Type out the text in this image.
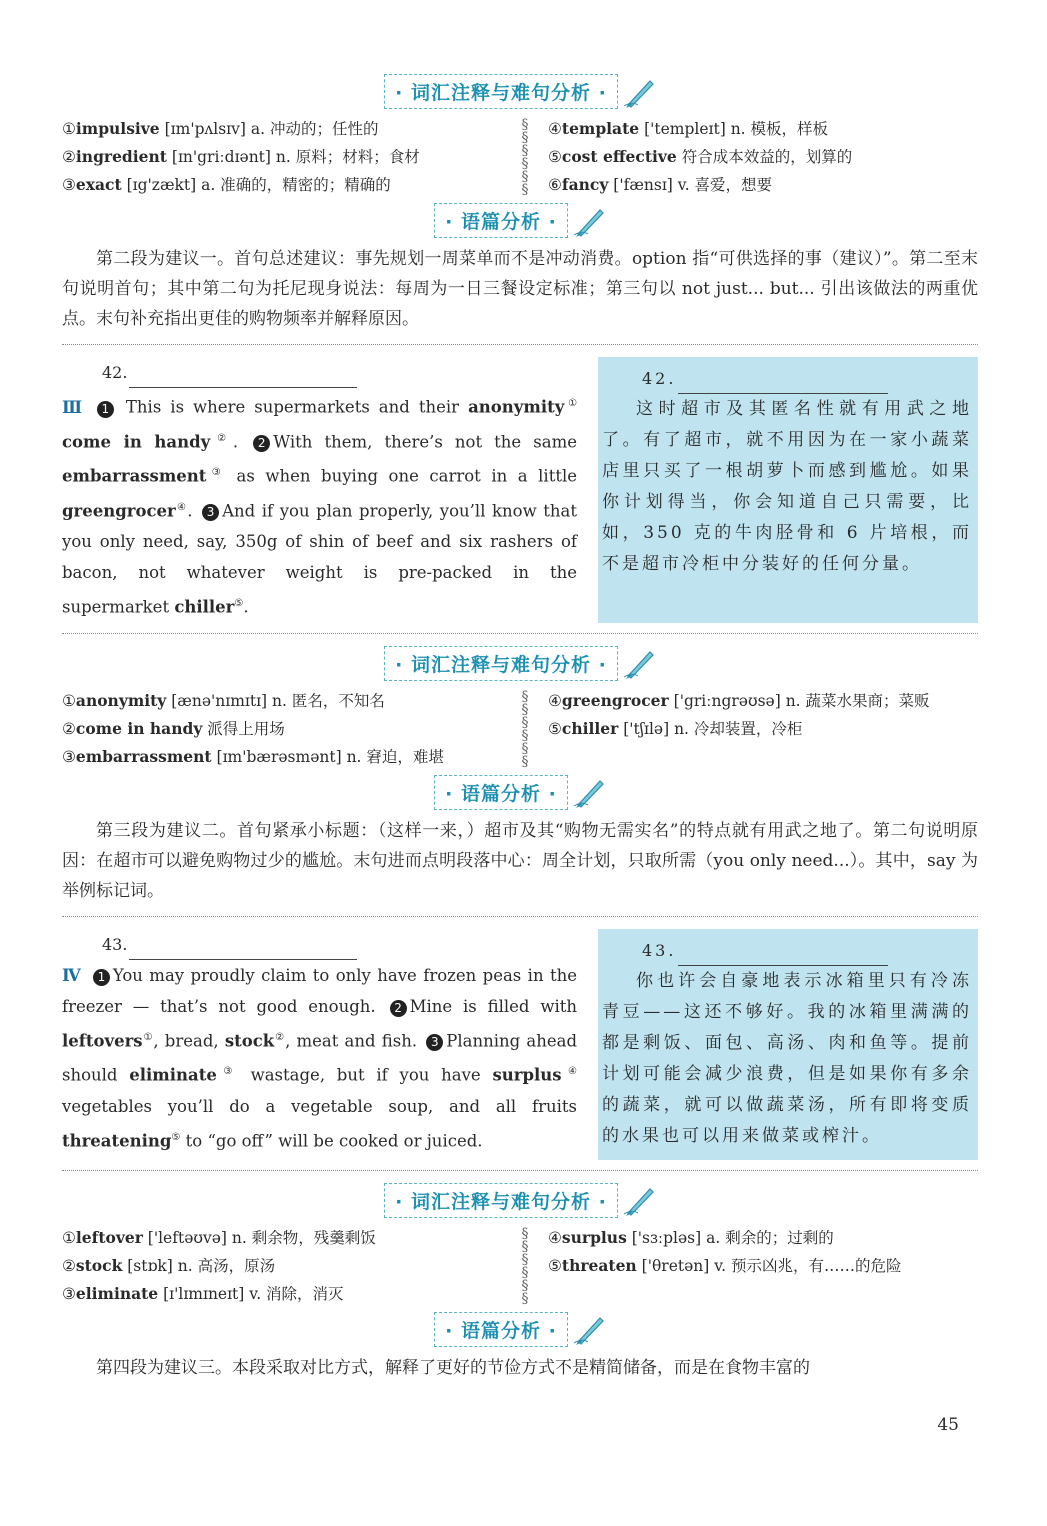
· 词汇注释与难句分析 ·
①impulsive [ɪm'pʌlsɪv] a. 冲动的；任性的
②ingredient [ɪn'griːdɪənt] n. 原料；材料；食材
③exact [ɪg'zækt] a. 准确的，精密的；精确的
§
§
§
§
§
§
④template ['templeɪt] n. 模板，样板
⑤cost effective 符合成本效益的，划算的
⑥fancy ['fænsɪ] v. 喜爱，想要
· 语篇分析 ·
第二段为建议一。首句总述建议：事先规划一周菜单而不是冲动消费。option 指“可供选择的事（建议）”。第二至末句说明首句；其中第二句为托尼现身说法：每周为一日三餐设定标准；第三句以 not just... but... 引出该做法的两重优点。末句补充指出更佳的购物频率并解释原因。
42.
Ⅲ 1 This is where supermarkets and their anonymity① come in handy②. 2 With them, there’s not the same embarrassment③ as when buying one carrot in a little greengrocer④. 3 And if you plan properly, you’ll know that you only need, say, 350g of shin of beef and six rashers of bacon, not whatever weight is pre-packed in the supermarket chiller⑤.
42.
这时超市及其匿名性就有用武之地了。有了超市，就不用因为在一家小蔬菜店里只买了一根胡萝卜而感到尴尬。如果你计划得当，你会知道自己只需要，比如，350 克的牛肉胫骨和 6 片培根，而不是超市冷柜中分装好的任何分量。
· 词汇注释与难句分析 ·
①anonymity [ænə'nɪmɪtɪ] n. 匿名，不知名
②come in handy 派得上用场
③embarrassment [ɪm'bærəsmənt] n. 窘迫，难堪
§
§
§
§
§
§
④greengrocer ['griːngrəʊsə] n. 蔬菜水果商；菜贩
⑤chiller ['tʃɪlə] n. 冷却装置，冷柜
· 语篇分析 ·
第三段为建议二。首句紧承小标题：（这样一来，）超市及其“购物无需实名”的特点就有用武之地了。第二句说明原因：在超市可以避免购物过少的尴尬。末句进而点明段落中心：周全计划，只取所需（you only need...）。其中，say 为举例标记词。
43.
Ⅳ 1 You may proudly claim to only have frozen peas in the freezer — that’s not good enough. 2 Mine is filled with leftovers①, bread, stock②, meat and fish. 3 Planning ahead should eliminate③ wastage, but if you have surplus④ vegetables you’ll do a vegetable soup, and all fruits threatening⑤ to “go off” will be cooked or juiced.
43.
你也许会自豪地表示冰箱里只有冷冻青豆——这还不够好。我的冰箱里满满的都是剩饭、面包、高汤、肉和鱼等。提前计划可能会减少浪费，但是如果你有多余的蔬菜，就可以做蔬菜汤，所有即将变质的水果也可以用来做菜或榨汁。
· 词汇注释与难句分析 ·
①leftover ['leftəʊvə] n. 剩余物，残羹剩饭
②stock [stɒk] n. 高汤，原汤
③eliminate [ɪ'lɪmɪneɪt] v. 消除，消灭
§
§
§
§
§
§
④surplus ['sɜːpləs] a. 剩余的；过剩的
⑤threaten ['θretən] v. 预示凶兆，有……的危险
· 语篇分析 ·
第四段为建议三。本段采取对比方式，解释了更好的节俭方式不是精简储备，而是在食物丰富的
45
